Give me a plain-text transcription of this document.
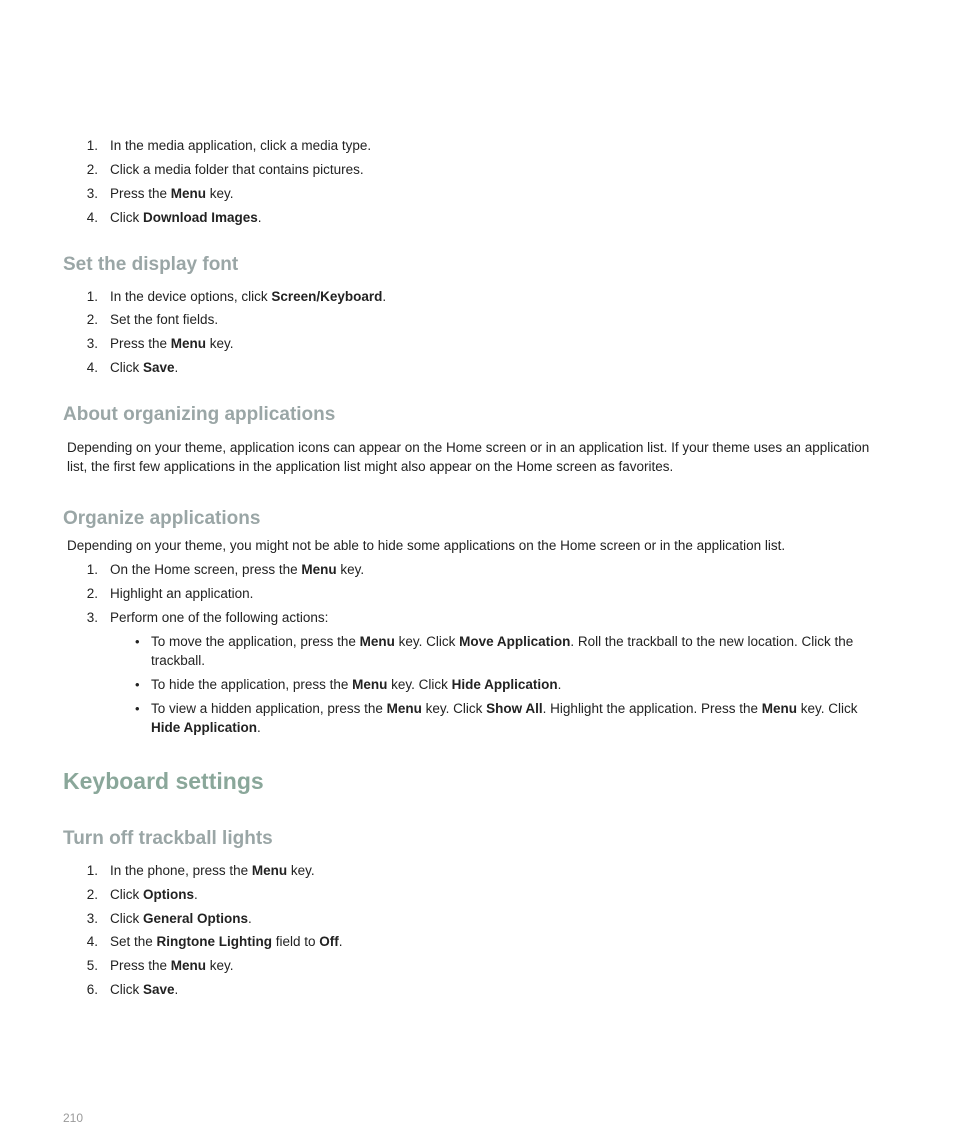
1. In the media application, click a media type.
2. Click a media folder that contains pictures.
3. Press the Menu key.
4. Click Download Images.
Set the display font
1. In the device options, click Screen/Keyboard.
2. Set the font fields.
3. Press the Menu key.
4. Click Save.
About organizing applications
Depending on your theme, application icons can appear on the Home screen or in an application list. If your theme uses an application
list, the first few applications in the application list might also appear on the Home screen as favorites.
Organize applications
Depending on your theme, you might not be able to hide some applications on the Home screen or in the application list.
1. On the Home screen, press the Menu key.
2. Highlight an application.
3. Perform one of the following actions:
• To move the application, press the Menu key. Click Move Application. Roll the trackball to the new location. Click the
trackball.
• To hide the application, press the Menu key. Click Hide Application.
• To view a hidden application, press the Menu key. Click Show All. Highlight the application. Press the Menu key. Click
Hide Application.
Keyboard settings
Turn off trackball lights
1. In the phone, press the Menu key.
2. Click Options.
3. Click General Options.
4. Set the Ringtone Lighting field to Off.
5. Press the Menu key.
6. Click Save.
210
